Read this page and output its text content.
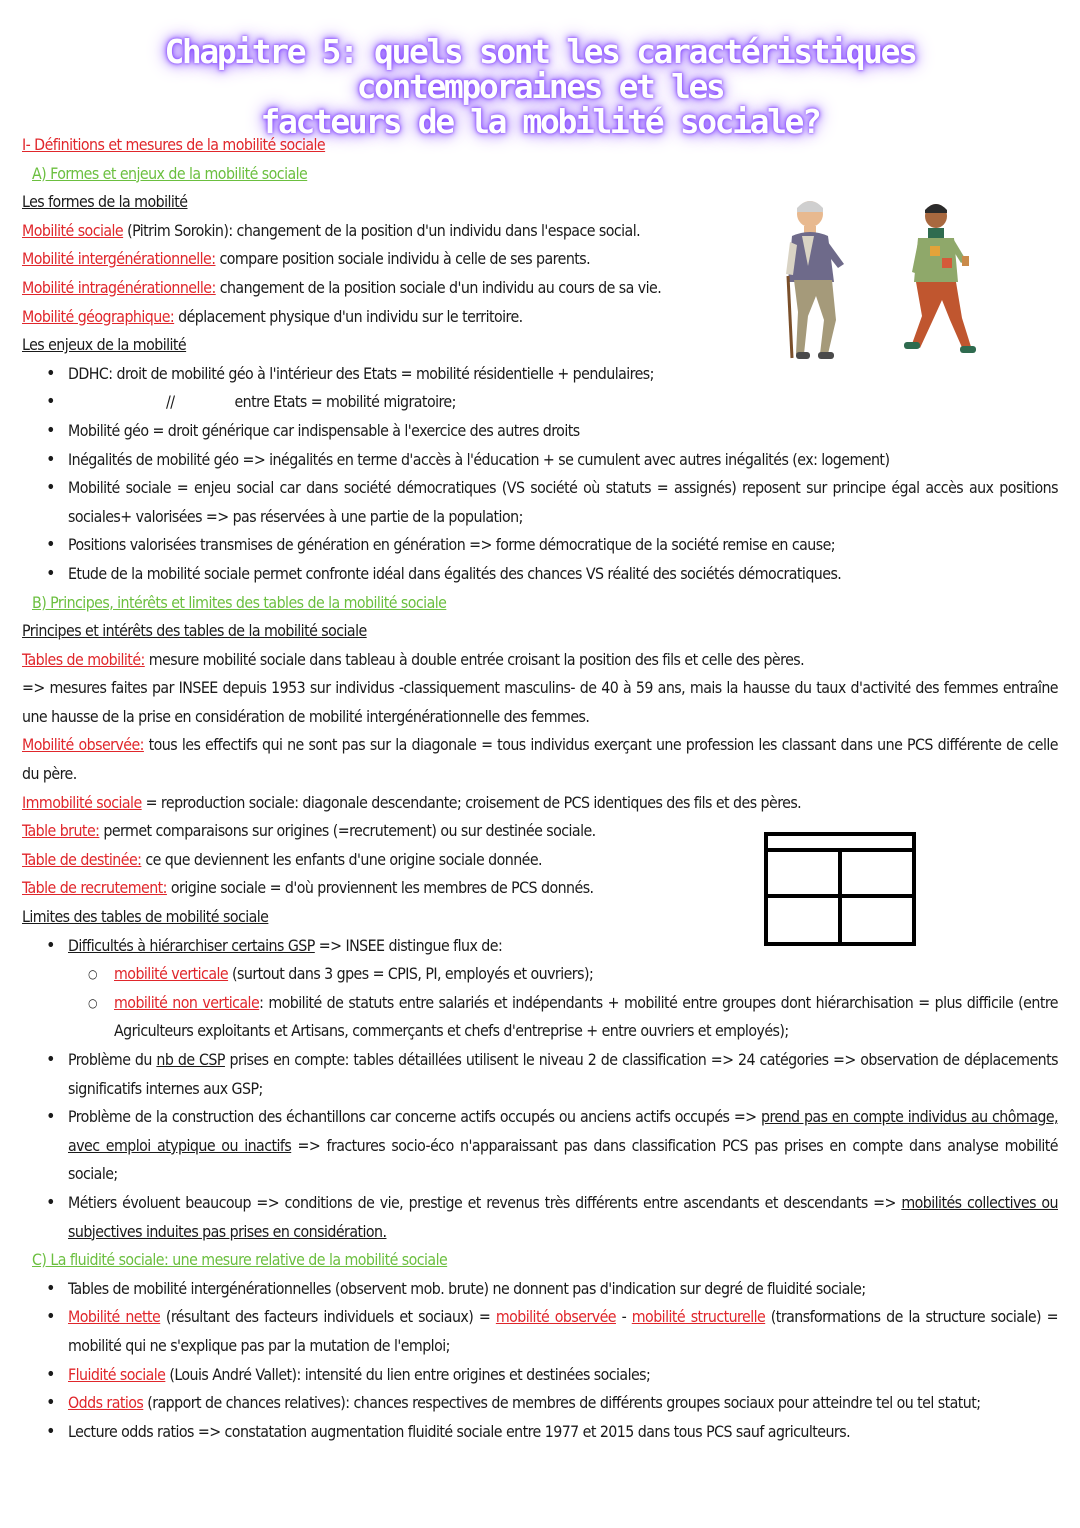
Chapitre 5: quels sont les caractéristiques contemporaines et les
facteurs de la mobilité sociale?
I- Définitions et mesures de la mobilité sociale
A) Formes et enjeux de la mobilité sociale
Les formes de la mobilité
Mobilité sociale (Pitrim Sorokin): changement de la position d'un individu dans l'espace social.
Mobilité intergénérationnelle: compare position sociale individu à celle de ses parents.
Mobilité intragénérationnelle: changement de la position sociale d'un individu au cours de sa vie.
Mobilité géographique: déplacement physique d'un individu sur le territoire.
Les enjeux de la mobilité
• DDHC: droit de mobilité géo à l'intérieur des Etats = mobilité résidentielle + pendulaires;
• //	entre Etats = mobilité migratoire;
• Mobilité géo = droit générique car indispensable à l'exercice des autres droits
• Inégalités de mobilité géo => inégalités en terme d'accès à l'éducation + se cumulent avec autres inégalités (ex: logement)
• Mobilité sociale = enjeu social car dans société démocratiques (VS société où statuts = assignés) reposent sur principe égal accès aux positions sociales+ valorisées => pas réservées à une partie de la population;
• Positions valorisées transmises de génération en génération => forme démocratique de la société remise en cause;
• Etude de la mobilité sociale permet confronte idéal dans égalités des chances VS réalité des sociétés démocratiques.
B) Principes, intérêts et limites des tables de la mobilité sociale
Principes et intérêts des tables de la mobilité sociale
Tables de mobilité: mesure mobilité sociale dans tableau à double entrée croisant la position des fils et celle des pères.
=> mesures faites par INSEE depuis 1953 sur individus -classiquement masculins- de 40 à 59 ans, mais la hausse du taux d'activité des femmes entraîne une hausse de la prise en considération de mobilité intergénérationnelle des femmes.
Mobilité observée: tous les effectifs qui ne sont pas sur la diagonale = tous individus exerçant une profession les classant dans une PCS différente de celle du père.
Immobilité sociale = reproduction sociale: diagonale descendante; croisement de PCS identiques des fils et des pères.
Table brute: permet comparaisons sur origines (=recrutement) ou sur destinée sociale.
Table de destinée: ce que deviennent les enfants d'une origine sociale donnée.
Table de recrutement: origine sociale = d'où proviennent les membres de PCS donnés.
Limites des tables de mobilité sociale
• Difficultés à hiérarchiser certains GSP => INSEE distingue flux de:
○ mobilité verticale (surtout dans 3 gpes = CPIS, PI, employés et ouvriers);
○ mobilité non verticale: mobilité de statuts entre salariés et indépendants + mobilité entre groupes dont hiérarchisation = plus difficile (entre Agriculteurs exploitants et Artisans, commerçants et chefs d'entreprise + entre ouvriers et employés);
• Problème du nb de CSP prises en compte: tables détaillées utilisent le niveau 2 de classification => 24 catégories => observation de déplacements significatifs internes aux GSP;
• Problème de la construction des échantillons car concerne actifs occupés ou anciens actifs occupés => prend pas en compte individus au chômage, avec emploi atypique ou inactifs => fractures socio-éco n'apparaissant pas dans classification PCS pas prises en compte dans analyse mobilité sociale;
• Métiers évoluent beaucoup => conditions de vie, prestige et revenus très différents entre ascendants et descendants => mobilités collectives ou subjectives induites pas prises en considération.
C) La fluidité sociale: une mesure relative de la mobilité sociale
• Tables de mobilité intergénérationnelles (observent mob. brute) ne donnent pas d'indication sur degré de fluidité sociale;
• Mobilité nette (résultant des facteurs individuels et sociaux) = mobilité observée - mobilité structurelle (transformations de la structure sociale) = mobilité qui ne s'explique pas par la mutation de l'emploi;
• Fluidité sociale (Louis André Vallet): intensité du lien entre origines et destinées sociales;
• Odds ratios (rapport de chances relatives): chances respectives de membres de différents groupes sociaux pour atteindre tel ou tel statut;
• Lecture odds ratios => constatation augmentation fluidité sociale entre 1977 et 2015 dans tous PCS sauf agriculteurs.
